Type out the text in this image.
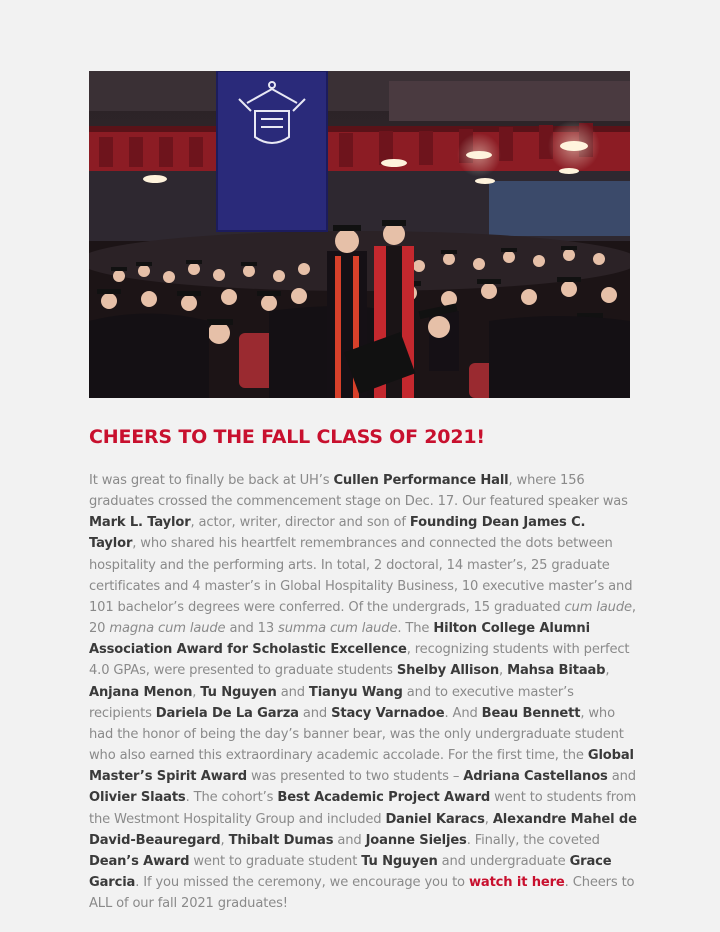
CHEERS TO THE FALL CLASS OF 2021!

It was great to finally be back at UH’s Cullen Performance Hall, where 156 graduates crossed the commencement stage on Dec. 17. Our featured speaker was Mark L. Taylor, actor, writer, director and son of Founding Dean James C. Taylor, who shared his heartfelt remembrances and connected the dots between hospitality and the performing arts. In total, 2 doctoral, 14 master’s, 25 graduate certificates and 4 master’s in Global Hospitality Business, 10 executive master’s and 101 bachelor’s degrees were conferred. Of the undergrads, 15 graduated cum laude, 20 magna cum laude and 13 summa cum laude. The Hilton College Alumni Association Award for Scholastic Excellence, recognizing students with perfect 4.0 GPAs, were presented to graduate students Shelby Allison, Mahsa Bitaab, Anjana Menon, Tu Nguyen and Tianyu Wang and to executive master’s recipients Dariela De La Garza and Stacy Varnadoe. And Beau Bennett, who had the honor of being the day’s banner bear, was the only undergraduate student who also earned this extraordinary academic accolade. For the first time, the Global Master’s Spirit Award was presented to two students – Adriana Castellanos and Olivier Slaats. The cohort’s Best Academic Project Award went to students from the Westmont Hospitality Group and included Daniel Karacs, Alexandre Mahel de David-Beauregard, Thibalt Dumas and Joanne Sieljes. Finally, the coveted Dean’s Award went to graduate student Tu Nguyen and undergraduate Grace Garcia. If you missed the ceremony, we encourage you to watch it here. Cheers to ALL of our fall 2021 graduates!
